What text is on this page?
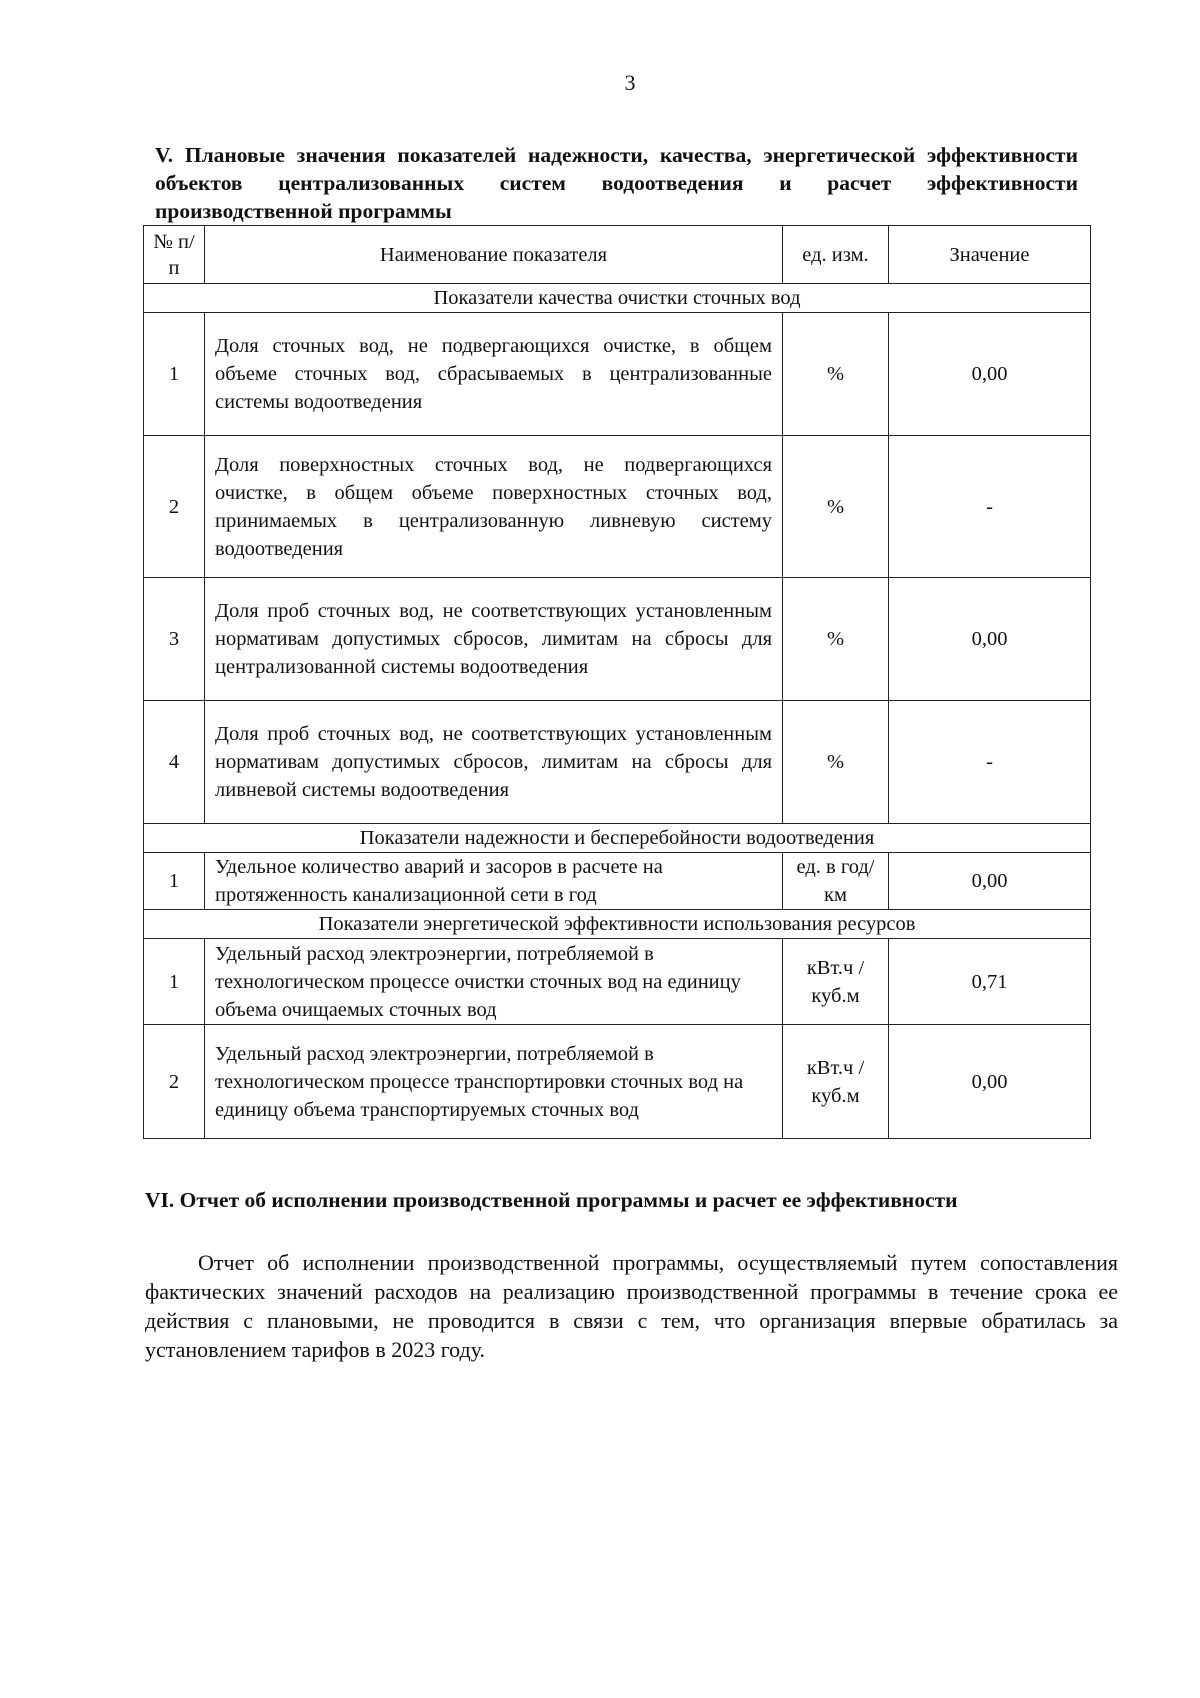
3
V. Плановые значения показателей надежности, качества, энергетической эффективности объектов централизованных систем водоотведения и расчет эффективности производственной программы
№ п/п	Наименование показателя	ед. изм.	Значение
Показатели качества очистки сточных вод			
1	Доля сточных вод, не подвергающихся очистке, в общем объеме сточных вод, сбрасываемых в централизованные системы водоотведения	%	0,00
2	Доля поверхностных сточных вод, не подвергающихся очистке, в общем объеме поверхностных сточных вод, принимаемых в централизованную ливневую систему водоотведения	%	-
3	Доля проб сточных вод, не соответствующих установленным нормативам допустимых сбросов, лимитам на сбросы для централизованной системы водоотведения	%	0,00
4	Доля проб сточных вод, не соответствующих установленным нормативам допустимых сбросов, лимитам на сбросы для ливневой системы водоотведения	%	-
Показатели надежности и бесперебойности водоотведения			
1	Удельное количество аварий и засоров в расчете на протяженность канализационной сети в год	ед. в год/ км	0,00
Показатели энергетической эффективности использования ресурсов			
1	Удельный расход электроэнергии, потребляемой в технологическом процессе очистки сточных вод на единицу объема очищаемых сточных вод	кВт.ч / куб.м	0,71
2	Удельный расход электроэнергии, потребляемой в технологическом процессе транспортировки сточных вод на единицу объема транспортируемых сточных вод	кВт.ч / куб.м	0,00
VI. Отчет об исполнении производственной программы и расчет ее эффективности
Отчет об исполнении производственной программы, осуществляемый путем сопоставления фактических значений расходов на реализацию производственной программы в течение срока ее действия с плановыми, не проводится в связи с тем, что организация впервые обратилась за установлением тарифов в 2023 году.
